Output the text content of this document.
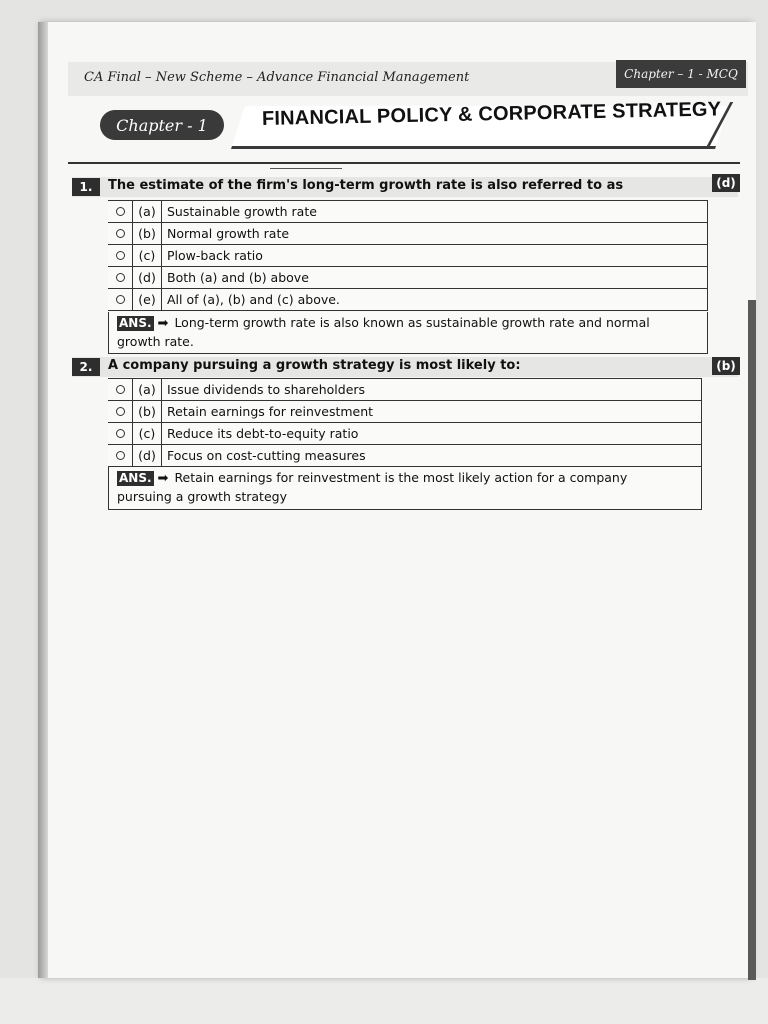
CA Final – New Scheme – Advance Financial Management	Chapter – 1 - MCQ
Chapter - 1	FINANCIAL POLICY & CORPORATE STRATEGY
1.	The estimate of the firm's long-term growth rate is also referred to as	(d)
	(a)	Sustainable growth rate
	(b)	Normal growth rate
	(c)	Plow-back ratio
	(d)	Both (a) and (b) above
	(e)	All of (a), (b) and (c) above.
ANS. ➡ Long-term growth rate is also known as sustainable growth rate and normal
growth rate.
2.	A company pursuing a growth strategy is most likely to:	(b)
	(a)	Issue dividends to shareholders
	(b)	Retain earnings for reinvestment
	(c)	Reduce its debt-to-equity ratio
	(d)	Focus on cost-cutting measures
ANS. ➡ Retain earnings for reinvestment is the most likely action for a company
pursuing a growth strategy
